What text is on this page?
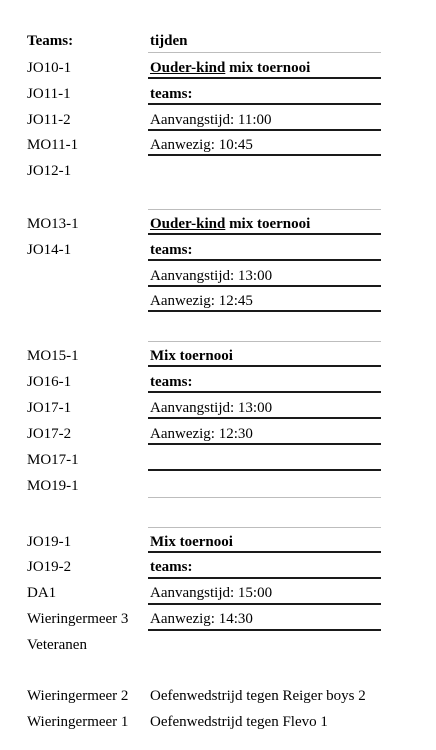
Teams:	tijden
JO10-1
JO11-1
JO11-2
MO11-1
JO12-1
Ouder-kind mix toernooi
teams:
Aanvangstijd: 11:00
Aanwezig: 10:45
MO13-1
JO14-1
Ouder-kind mix toernooi
teams:
Aanvangstijd: 13:00
Aanwezig: 12:45
MO15-1
JO16-1
JO17-1
JO17-2
MO17-1
MO19-1
Mix toernooi
teams:
Aanvangstijd: 13:00
Aanwezig: 12:30
JO19-1
JO19-2
DA1
Wieringermeer 3
Veteranen
Mix toernooi
teams:
Aanvangstijd: 15:00
Aanwezig: 14:30
Wieringermeer 2 Oefenwedstrijd tegen Reiger boys 2
Wieringermeer 1 Oefenwedstrijd tegen Flevo 1
